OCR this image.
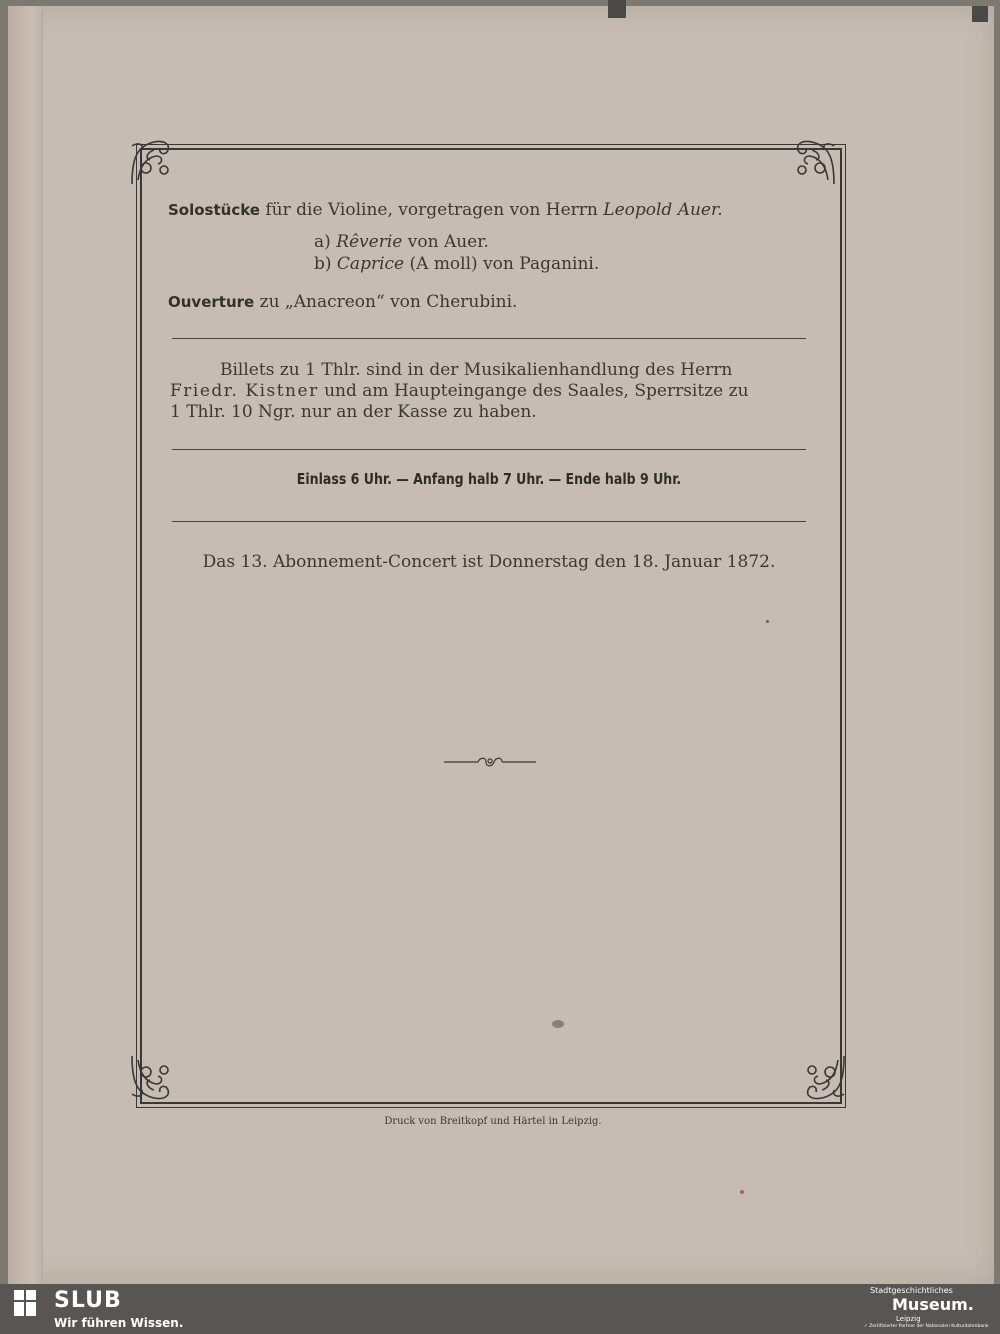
Solostücke für die Violine, vorgetragen von Herrn Leopold Auer.
a) Rêverie von Auer.
b) Caprice (A moll) von Paganini.
Ouverture zu „Anacreon“ von Cherubini.
Billets zu 1 Thlr. sind in der Musikalienhandlung des Herrn
Friedr. Kistner und am Haupteingange des Saales, Sperrsitze zu
1 Thlr. 10 Ngr. nur an der Kasse zu haben.
Einlass 6 Uhr. — Anfang halb 7 Uhr. — Ende halb 9 Uhr.
Das 13. Abonnement-Concert ist Donnerstag den 18. Januar 1872.
Druck von Breitkopf und Härtel in Leipzig.
SLUB
Wir führen Wissen.
Stadtgeschichtliches
Museum.
Leipzig
✓ Zertifizierter Partner der Nationalen Kulturdatenbank
